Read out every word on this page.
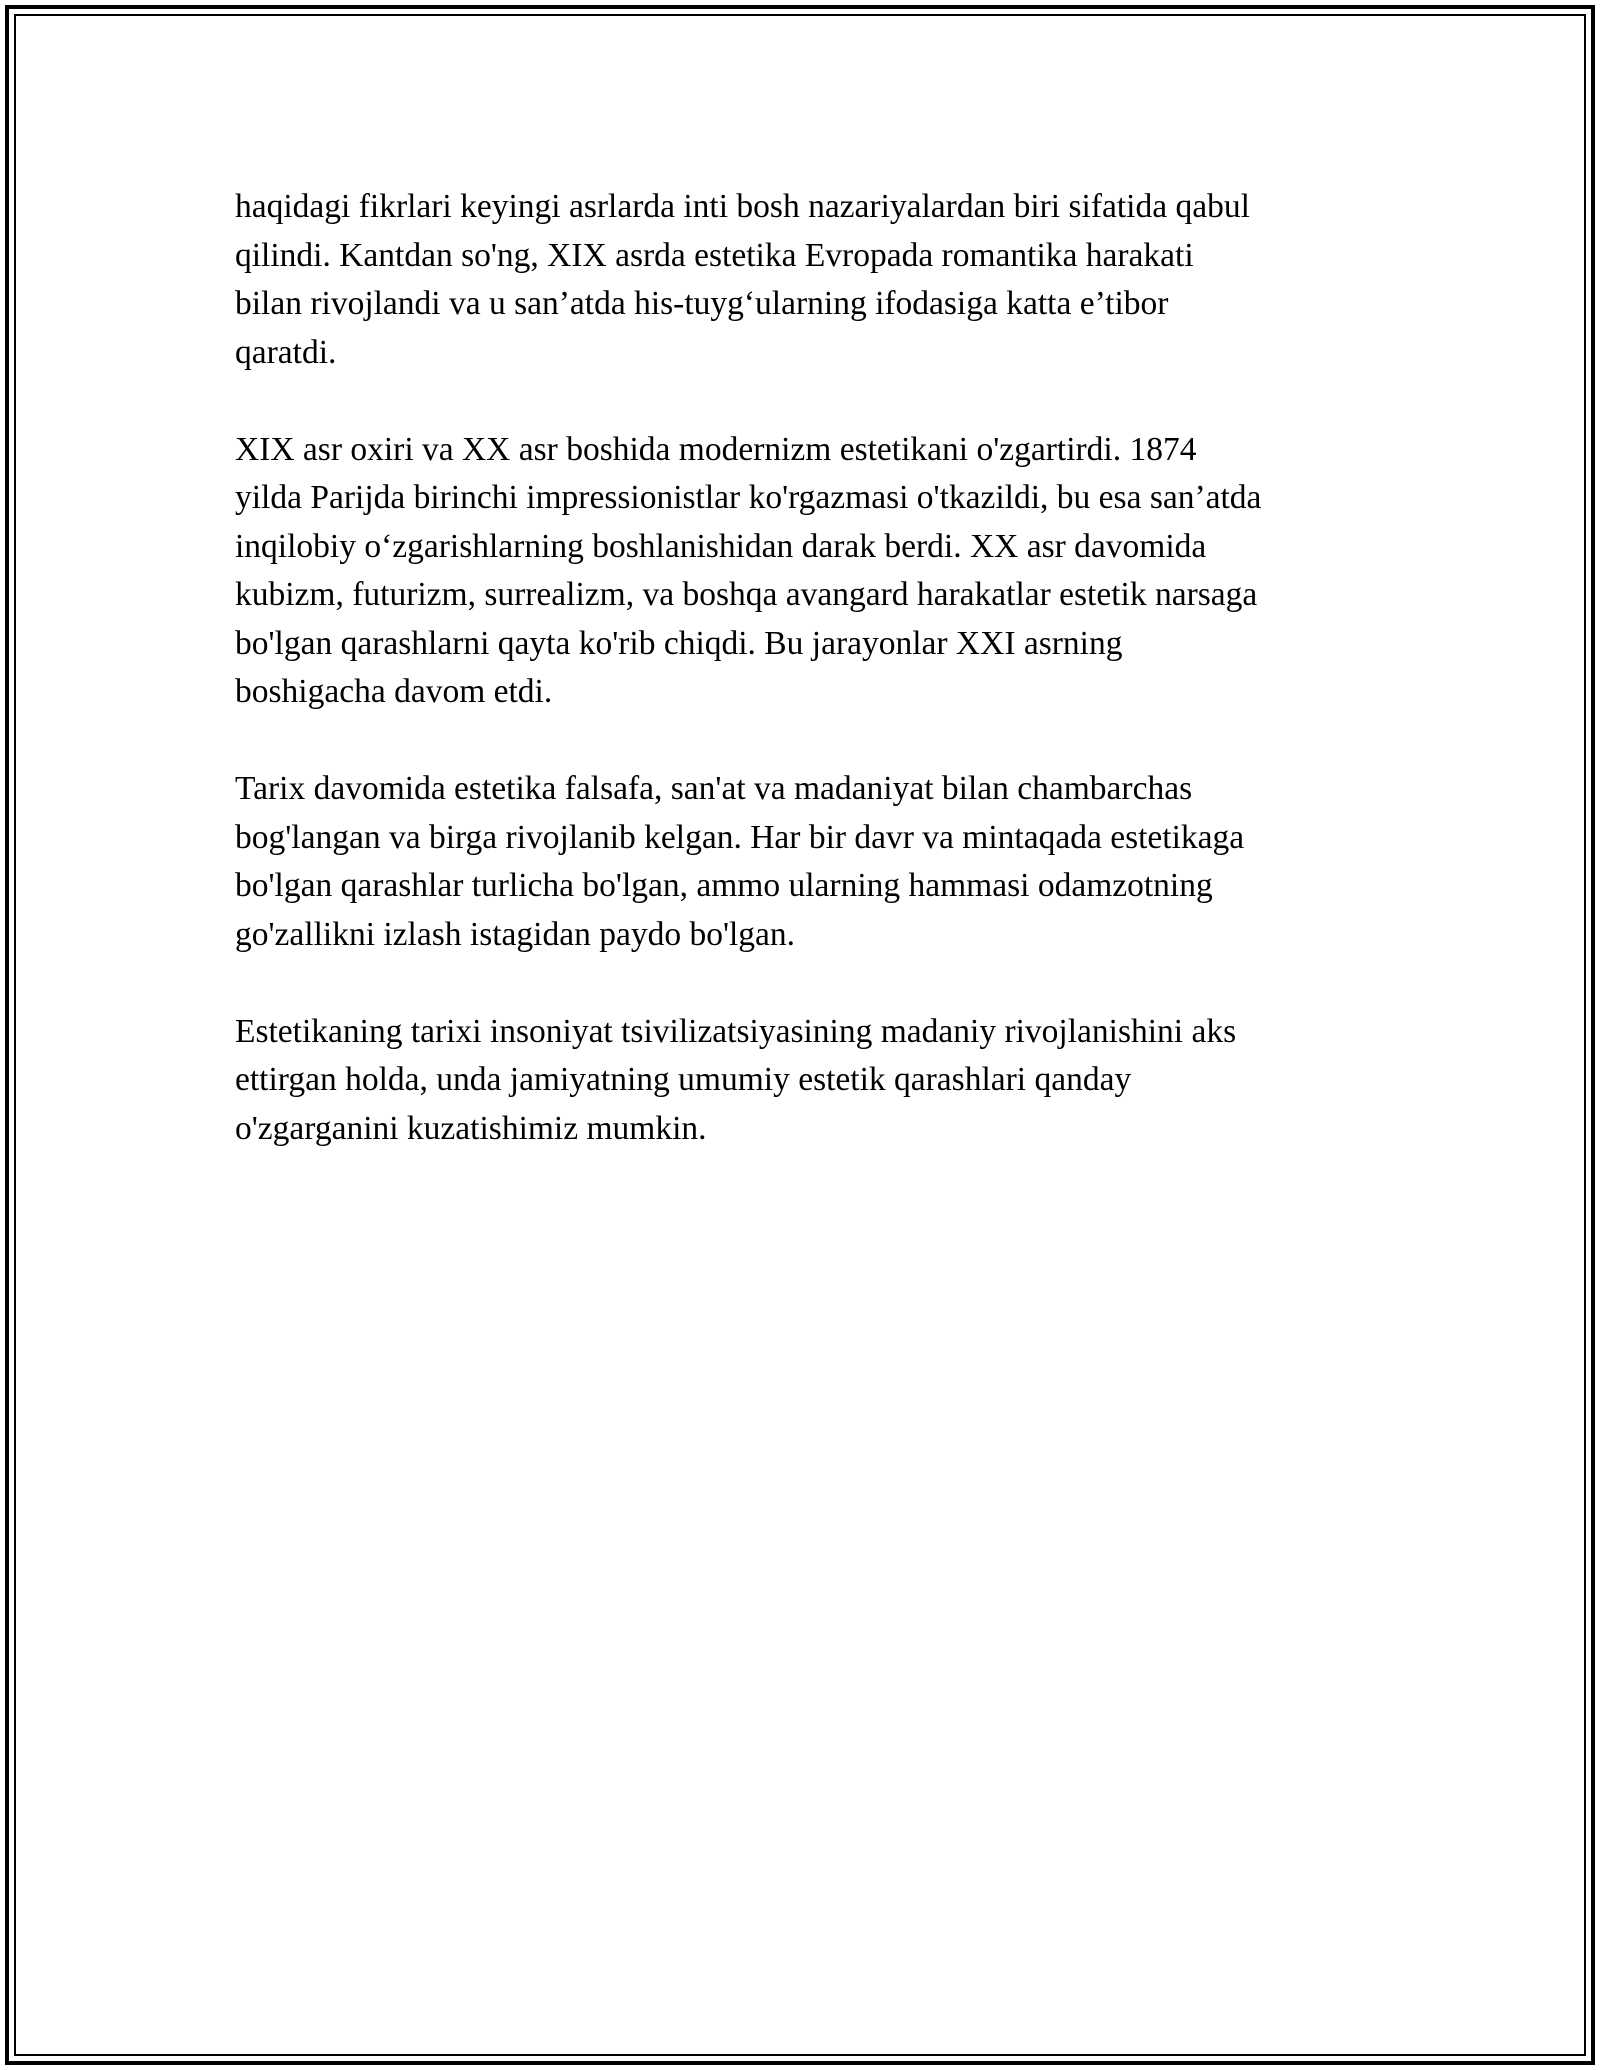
haqidagi fikrlari keyingi asrlarda inti bosh nazariyalardan biri sifatida qabul
qilindi. Kantdan so'ng, XIX asrda estetika Evropada romantika harakati
bilan rivojlandi va u san’atda his-tuyg‘ularning ifodasiga katta e’tibor
qaratdi.

XIX asr oxiri va XX asr boshida modernizm estetikani o'zgartirdi. 1874
yilda Parijda birinchi impressionistlar ko'rgazmasi o'tkazildi, bu esa san’atda
inqilobiy o‘zgarishlarning boshlanishidan darak berdi. XX asr davomida
kubizm, futurizm, surrealizm, va boshqa avangard harakatlar estetik narsaga
bo'lgan qarashlarni qayta ko'rib chiqdi. Bu jarayonlar XXI asrning
boshigacha davom etdi.

Tarix davomida estetika falsafa, san'at va madaniyat bilan chambarchas
bog'langan va birga rivojlanib kelgan. Har bir davr va mintaqada estetikaga
bo'lgan qarashlar turlicha bo'lgan, ammo ularning hammasi odamzotning
go'zallikni izlash istagidan paydo bo'lgan.

Estetikaning tarixi insoniyat tsivilizatsiyasining madaniy rivojlanishini aks
ettirgan holda, unda jamiyatning umumiy estetik qarashlari qanday
o'zgarganini kuzatishimiz mumkin.
